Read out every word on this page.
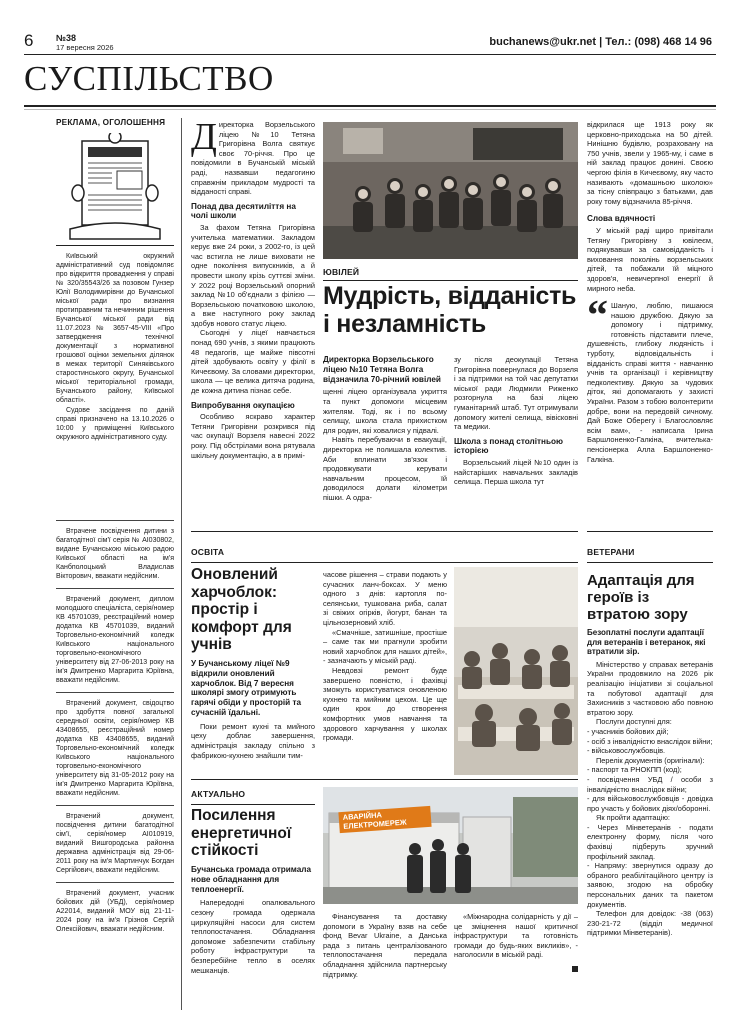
6	№38
17 вересня 2026	buchanews@ukr.net | Тел.: (098) 468 14 96
СУСПІЛЬСТВО
РЕКЛАМА, ОГОЛОШЕННЯ
Київський окружний адміністративний суд повідомляє про відкриття провадження у справі № 320/35543/26 за позовом Гунзер Юлії Володимирівни до Бучанської міської ради про визнання протиправним та нечинним рішення Бучанської міської ради від 11.07.2023 № 3657-45-VIII «Про затвердження технічної документації з нормативної грошової оцінки земельних ділянок в межах території Синяківського старостинського округу, Бучанської міської територіальної громади, Бучанського району, Київської області».
Судове засідання по даній справі призначено на 13.10.2026 о 10:00 у приміщенні Київського окружного адміністративного суду.
Втрачене посвідчення дитини з багатодітної сім'ї серія № АІ030802, видане Бучанською міською радою Київської області на ім'я Канбполоцький Владислав Вікторович, вважати недійсним.
Втрачений документ, диплом молодшого спеціаліста, серія/номер КВ 45701039, реєстраційний номер додатка КВ 45701039, виданий Торговельно-економічний коледж Київського національного торговельно-економічного університету від 27-06-2013 року на ім'я Дмитренко Маргарита Юріївна, вважати недійсним.
Втрачений документ, свідоцтво про здобуття повної загальної середньої освіти, серія/номер КВ 43408655, реєстраційний номер додатка КВ 43408655, виданий Торговельно-економічний коледж Київського національного торговельно-економічного університету від 31-05-2012 року на ім'я Дмитренко Маргарита Юріївна, вважати недійсним.
Втрачений документ, посвідчення дитини багатодітної сім'ї, серія/номер АІ010919, виданий Вишгородська районна державна адміністрація від 29-06-2011 року на ім'я Мартинчук Богдан Сергійович, вважати недійсним.
Втрачений документ, учасник бойових дій (УБД), серія/номер А22014, виданий МОУ від 21-11-2024 року на ім'я Грізнов Сергій Олексійович, вважати недійсним.
Д иректорка Ворзельського ліцею №10 Тетяна Григорівна Волга святкує своє 70-річчя. Про це повідомили в Бучанській міській раді, назвавши педагогиню справжнім прикладом мудрості та відданості справі.
Понад два десятиліття на чолі школи
За фахом Тетяна Григорівна учителька математики. Закладом керує вже 24 роки, з 2002-го, із цей час встигла не лише виховати не одне покоління випускників, а й провести школу крізь суттєві зміни. У 2022 році Ворзельський опорний заклад №10 об'єднали з філією — Ворзельською початковою школою, а вже наступного року заклад здобув нового статус ліцею.
Сьогодні у ліцеї навчається понад 690 учнів, з якими працюють 48 педагогів, ще майже півсотні дітей здобувають освіту у філії в Кичеєвому. За словами директорки, школа — це велика дитяча родина, де кожна дитина пізнає себе.
Випробування окупацією
Особливо яскраво характер Тетяни Григорівни розкрився під час окупації Ворзеля навесні 2022 року. Під обстрілами вона рятувала шкільну документацію, а в примі-
ЮВІЛЕЙ
Мудрість, відданість і незламність
Директорка Ворзельського ліцею №10 Тетяна Волга відзначила 70-річний ювілей
щенні ліцею організувала укриття та пункт допомоги місцевим жителям. Тоді, як і по всьому селищу, школа стала прихистком для родин, які ховалися у підвалі.
Навіть перебуваючи в евакуації, директорка не полишала колектив. Аби вплинати зв'язок і продовжувати керувати навчальним процесом, їй доводилося долати кілометри пішки. А одра-
зу після деокупації Тетяна Григорівна повернулася до Ворзеля і за підтримки на той час депутатки міської ради Людмили Риженко розгорнула на базі ліцею гуманітарний штаб. Тут отримували допомогу жителі селища, вівісковні та медики.
Школа з понад столітньою історією
Ворзельський ліцей №10 один із найстаріших навчальних закладів селища. Перша школа тут
відкрилася ще 1913 року як церковно-приходська на 50 дітей. Нинішню будівлю, розраховану на 750 учнів, звели у 1965-му, і саме в ній заклад працює донині. Своєю чергою філія в Кичеєвому, яку часто називають «домашньою школою» за тісну співпрацю з батьками, дав року тому відзначила 85-річчя.
Слова вдячності
У міській раді щиро привітали Тетяну Григорівну з ювілеєм, подякувавши за самовідданість і виховання поколінь ворзельських дітей, та побажали їй міцного здоров'я, невичерпної енергії й мирного неба.
“ Шаную, люблю, пишаюся нашою дружбою. Дякую за допомогу і підтримку, готовність підставити плече, душевність, глибоку людяність і турботу, відповідальність і відданість справі життя - навчанню учнів та організації і керівництву педколективу. Дякую за чудових діток, які допомагають у захисті України. Разом з тобою волонтерити добре, вони на передовій сичному. Дай Боже Оберегу і Благословляє всім вам», - написала Ірина Баршлоненко-Галкіна, вчителька-пенсіонерка Алла Баршлоненко-Галкіна.
ОСВІТА
Оновлений харчоблок: простір і комфорт для учнів
У Бучанському ліцеї №9 відкрили оновлений харчоблок. Від 7 вересня школярі змогу отримують гарячі обіди у просторій та сучасній їдальні.
Поки ремонт кухні та мийного цеху доблає завершення, адміністрація закладу спільно з фабрикою-кухнею знайшли тим-
часове рішення – страви подають у сучасних ланч-боксах. У меню одного з днів: картопля по-селянськи, тушкована риба, салат зі свіжих огірків, йогурт, банан та цільнозерновий хліб.
«Смачніше, затишніше, простіше – саме так ми прагнули зробити новий харчоблок для наших дітей», - зазначають у міській раді.
Невдовзі ремонт буде завершено повністю, і фахівці зможуть користуватися оновленою кухнею та мийним цехом. Це ще один крок до створення комфортних умов навчання та здорового харчування у школах громади.
АКТУАЛЬНО
Посилення енергетичної стійкості
Бучанська громада отримала нове обладнання для теплоенергії.
Напередодні опалювального сезону громада одержала циркуляційні насоси для систем теплопостачання. Обладнання допоможе забезпечити стабільну роботу інфраструктури та безперебійне тепло в оселях мешканців.
АВАРІЙНА ЕЛЕКТРОМЕРЕЖ
Фінансування та доставку допомоги в Україну взяв на себе фонд Bevar Ukraine, а Данська рада з питань централізованого теплопостачання передала обладнання здійснила партнерську підтримку.
«Міжнародна солідарність у дії – це зміцнення нашої критичної інфраструктури та готовність громади до будь-яких викликів», - наголосили в міській раді.
ВЕТЕРАНИ
Адаптація для героїв із втратою зору
Безоплатні послуги адаптації для ветеранів і ветеранок, які втратили зір.
Міністерство у справах ветеранів України продовжило на 2026 рік реалізацію ініціативи зі соціальної та побутової адаптації для Захисників з частковою або повною втратою зору.
Послуги доступні для:
- учасників бойових дій;
- осіб з інвалідністю внаслідок війни;
- військовослужбовців.
Перелік документів (оригінали):
- паспорт та РНОКПП (код);
- посвідчення УБД / особи з інвалідністю внаслідок війни;
- для військовослужбовців - довідка про участь у бойових діях/оборонні.
Як пройти адаптацію:
- Через Мінветеранів - подати електронну форму, після чого фахівці підберуть зручний профільний заклад.
- Напряму: звернутися одразу до обраного реабілітаційного центру із заявою, згодою на обробку персональних даних та пакетом документів.
Телефон для довідок: -38 (063) 230-21-72 (відділ медичної підтримки Мінветеранів).
